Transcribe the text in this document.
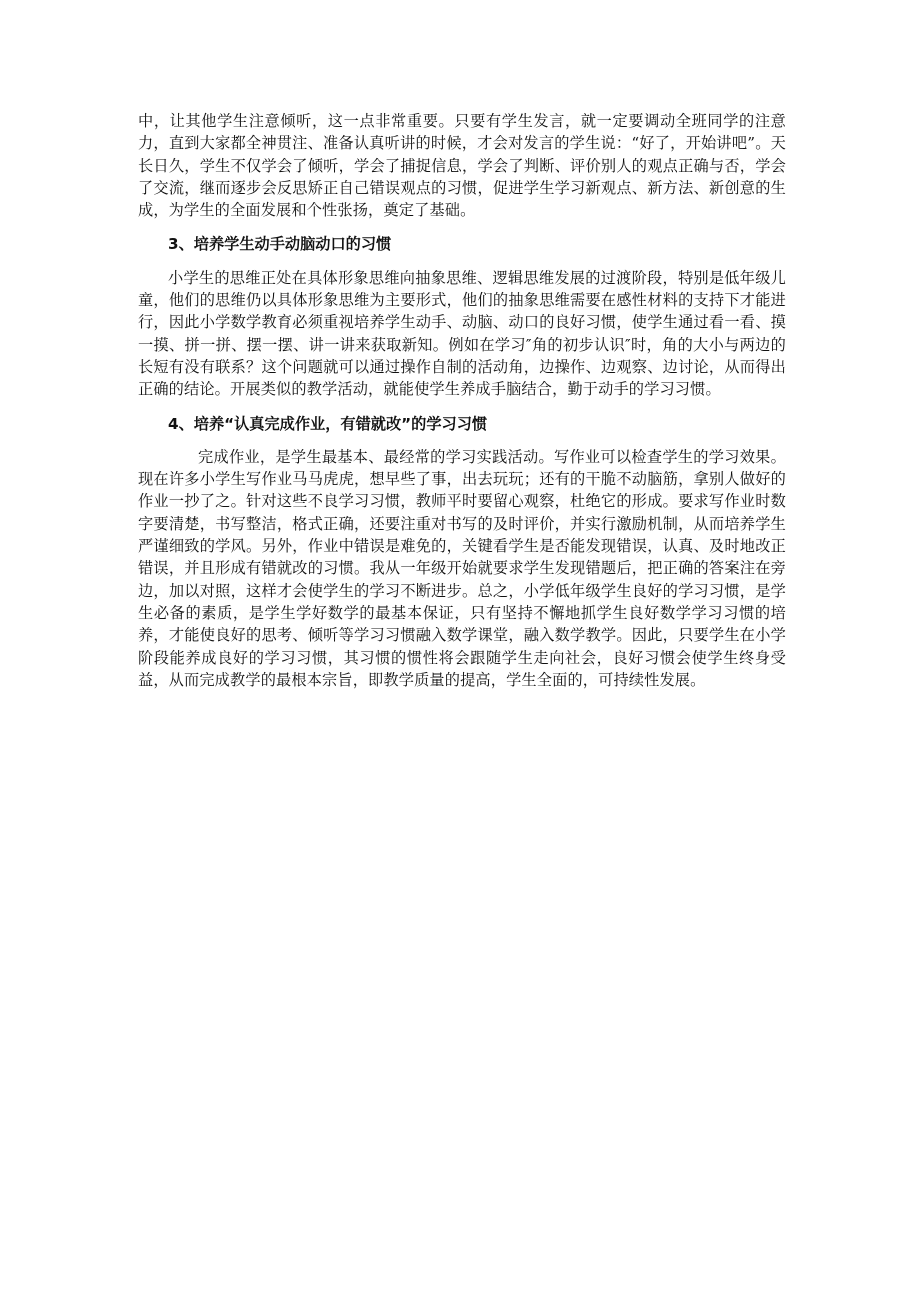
中，让其他学生注意倾听，这一点非常重要。只要有学生发言，就一定要调动全班同学的注意力，直到大家都全神贯注、准备认真听讲的时候，才会对发言的学生说：“好了，开始讲吧”。天长日久，学生不仅学会了倾听，学会了捕捉信息，学会了判断、评价别人的观点正确与否，学会了交流，继而逐步会反思矫正自己错误观点的习惯，促进学生学习新观点、新方法、新创意的生成，为学生的全面发展和个性张扬，奠定了基础。

3、培养学生动手动脑动口的习惯

小学生的思维正处在具体形象思维向抽象思维、逻辑思维发展的过渡阶段，特别是低年级儿童，他们的思维仍以具体形象思维为主要形式，他们的抽象思维需要在感性材料的支持下才能进行，因此小学数学教育必须重视培养学生动手、动脑、动口的良好习惯，使学生通过看一看、摸一摸、拼一拼、摆一摆、讲一讲来获取新知。例如在学习″角的初步认识″时，角的大小与两边的长短有没有联系？这个问题就可以通过操作自制的活动角，边操作、边观察、边讨论，从而得出正确的结论。开展类似的教学活动，就能使学生养成手脑结合，勤于动手的学习习惯。

4、培养“认真完成作业，有错就改”的学习习惯

完成作业，是学生最基本、最经常的学习实践活动。写作业可以检查学生的学习效果。现在许多小学生写作业马马虎虎，想早些了事，出去玩玩；还有的干脆不动脑筋，拿别人做好的作业一抄了之。针对这些不良学习习惯，教师平时要留心观察，杜绝它的形成。要求写作业时数字要清楚，书写整洁，格式正确，还要注重对书写的及时评价，并实行激励机制，从而培养学生严谨细致的学风。另外，作业中错误是难免的，关键看学生是否能发现错误，认真、及时地改正错误，并且形成有错就改的习惯。我从一年级开始就要求学生发现错题后，把正确的答案注在旁边，加以对照，这样才会使学生的学习不断进步。总之，小学低年级学生良好的学习习惯，是学生必备的素质，是学生学好数学的最基本保证，只有坚持不懈地抓学生良好数学学习习惯的培养，才能使良好的思考、倾听等学习习惯融入数学课堂，融入数学教学。因此，只要学生在小学阶段能养成良好的学习习惯，其习惯的惯性将会跟随学生走向社会，良好习惯会使学生终身受益，从而完成教学的最根本宗旨，即教学质量的提高，学生全面的，可持续性发展。
